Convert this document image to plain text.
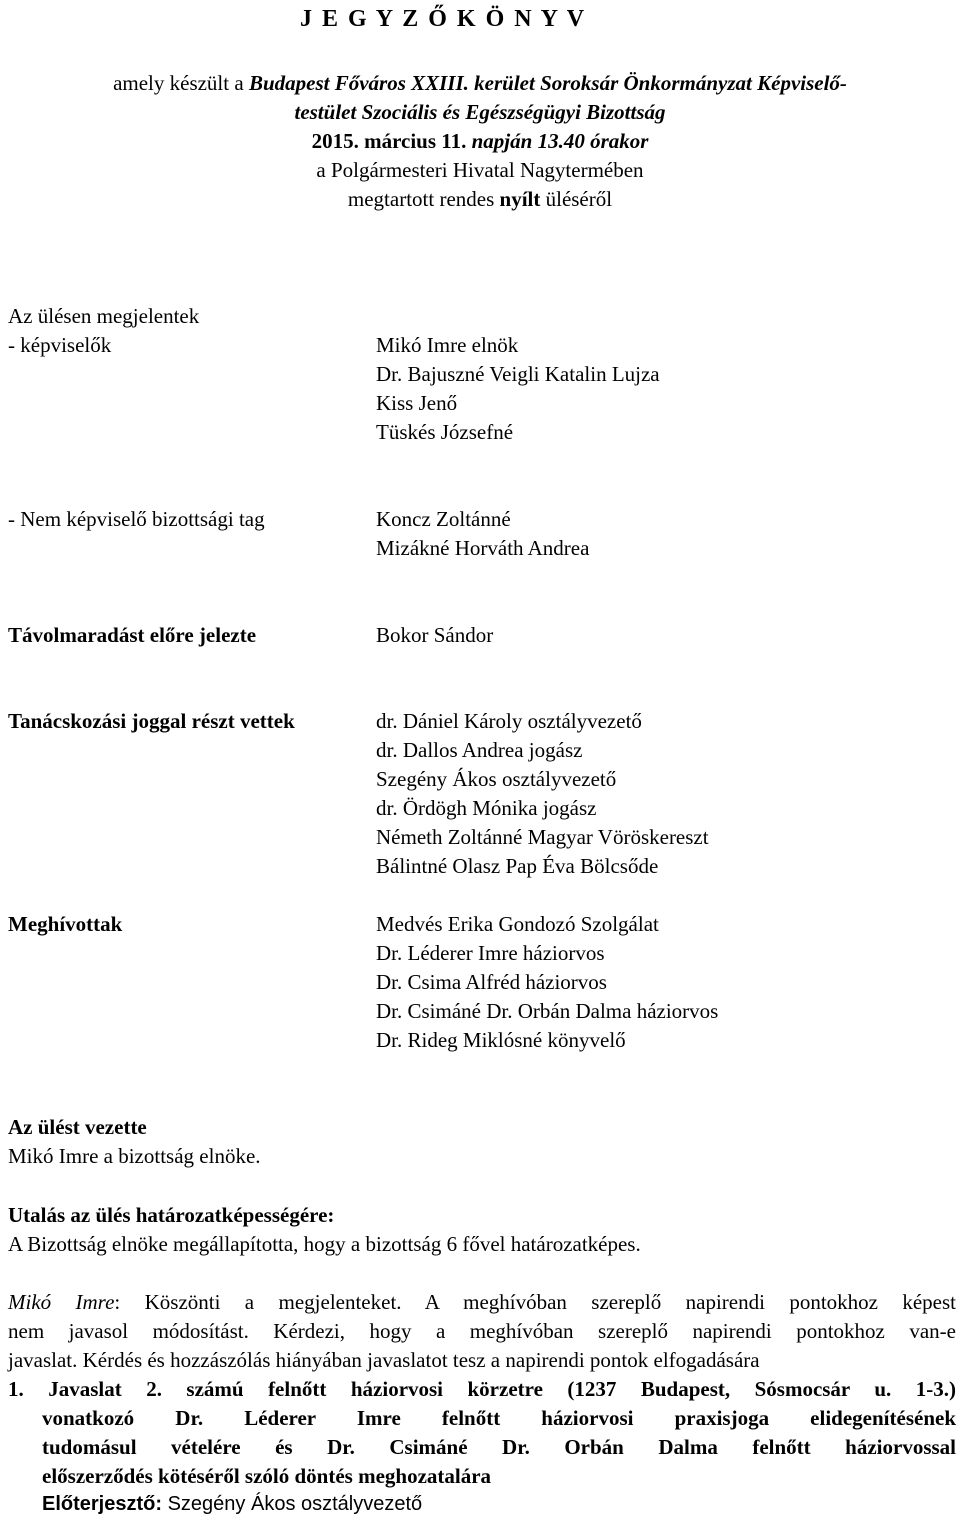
J E G Y Z Ő K Ö N Y V
amely készült a Budapest Főváros XXIII. kerület Soroksár Önkormányzat Képviselő-
testület Szociális és Egészségügyi Bizottság
2015. március 11. napján 13.40 órakor
a Polgármesteri Hivatal Nagytermében
megtartott rendes nyílt üléséről
Az ülésen megjelentek
- képviselők	Mikó Imre elnök
Dr. Bajuszné Veigli Katalin Lujza
Kiss Jenő
Tüskés Józsefné
- Nem képviselő bizottsági tag	Koncz Zoltánné
Mizákné Horváth Andrea
Távolmaradást előre jelezte	Bokor Sándor
Tanácskozási joggal részt vettek	dr. Dániel Károly osztályvezető
dr. Dallos Andrea jogász
Szegény Ákos osztályvezető
dr. Ördögh Mónika jogász
Németh Zoltánné Magyar Vöröskereszt
Bálintné Olasz Pap Éva Bölcsőde
Meghívottak	Medvés Erika Gondozó Szolgálat
Dr. Léderer Imre háziorvos
Dr. Csima Alfréd háziorvos
Dr. Csimáné Dr. Orbán Dalma háziorvos
Dr. Rideg Miklósné könyvelő
Az ülést vezette
Mikó Imre a bizottság elnöke.
Utalás az ülés határozatképességére:
A Bizottság elnöke megállapította, hogy a bizottság 6 fővel határozatképes.
Mikó Imre: Köszönti a megjelenteket. A meghívóban szereplő napirendi pontokhoz képest
nem javasol módosítást. Kérdezi, hogy a meghívóban szereplő napirendi pontokhoz van-e
javaslat. Kérdés és hozzászólás hiányában javaslatot tesz a napirendi pontok elfogadására
1. Javaslat 2. számú felnőtt háziorvosi körzetre (1237 Budapest, Sósmocsár u. 1-3.)
vonatkozó Dr. Léderer Imre felnőtt háziorvosi praxisjoga elidegenítésének
tudomásul vételére és Dr. Csimáné Dr. Orbán Dalma felnőtt háziorvossal
előszerződés kötéséről szóló döntés meghozatalára
Előterjesztő: Szegény Ákos osztályvezető
